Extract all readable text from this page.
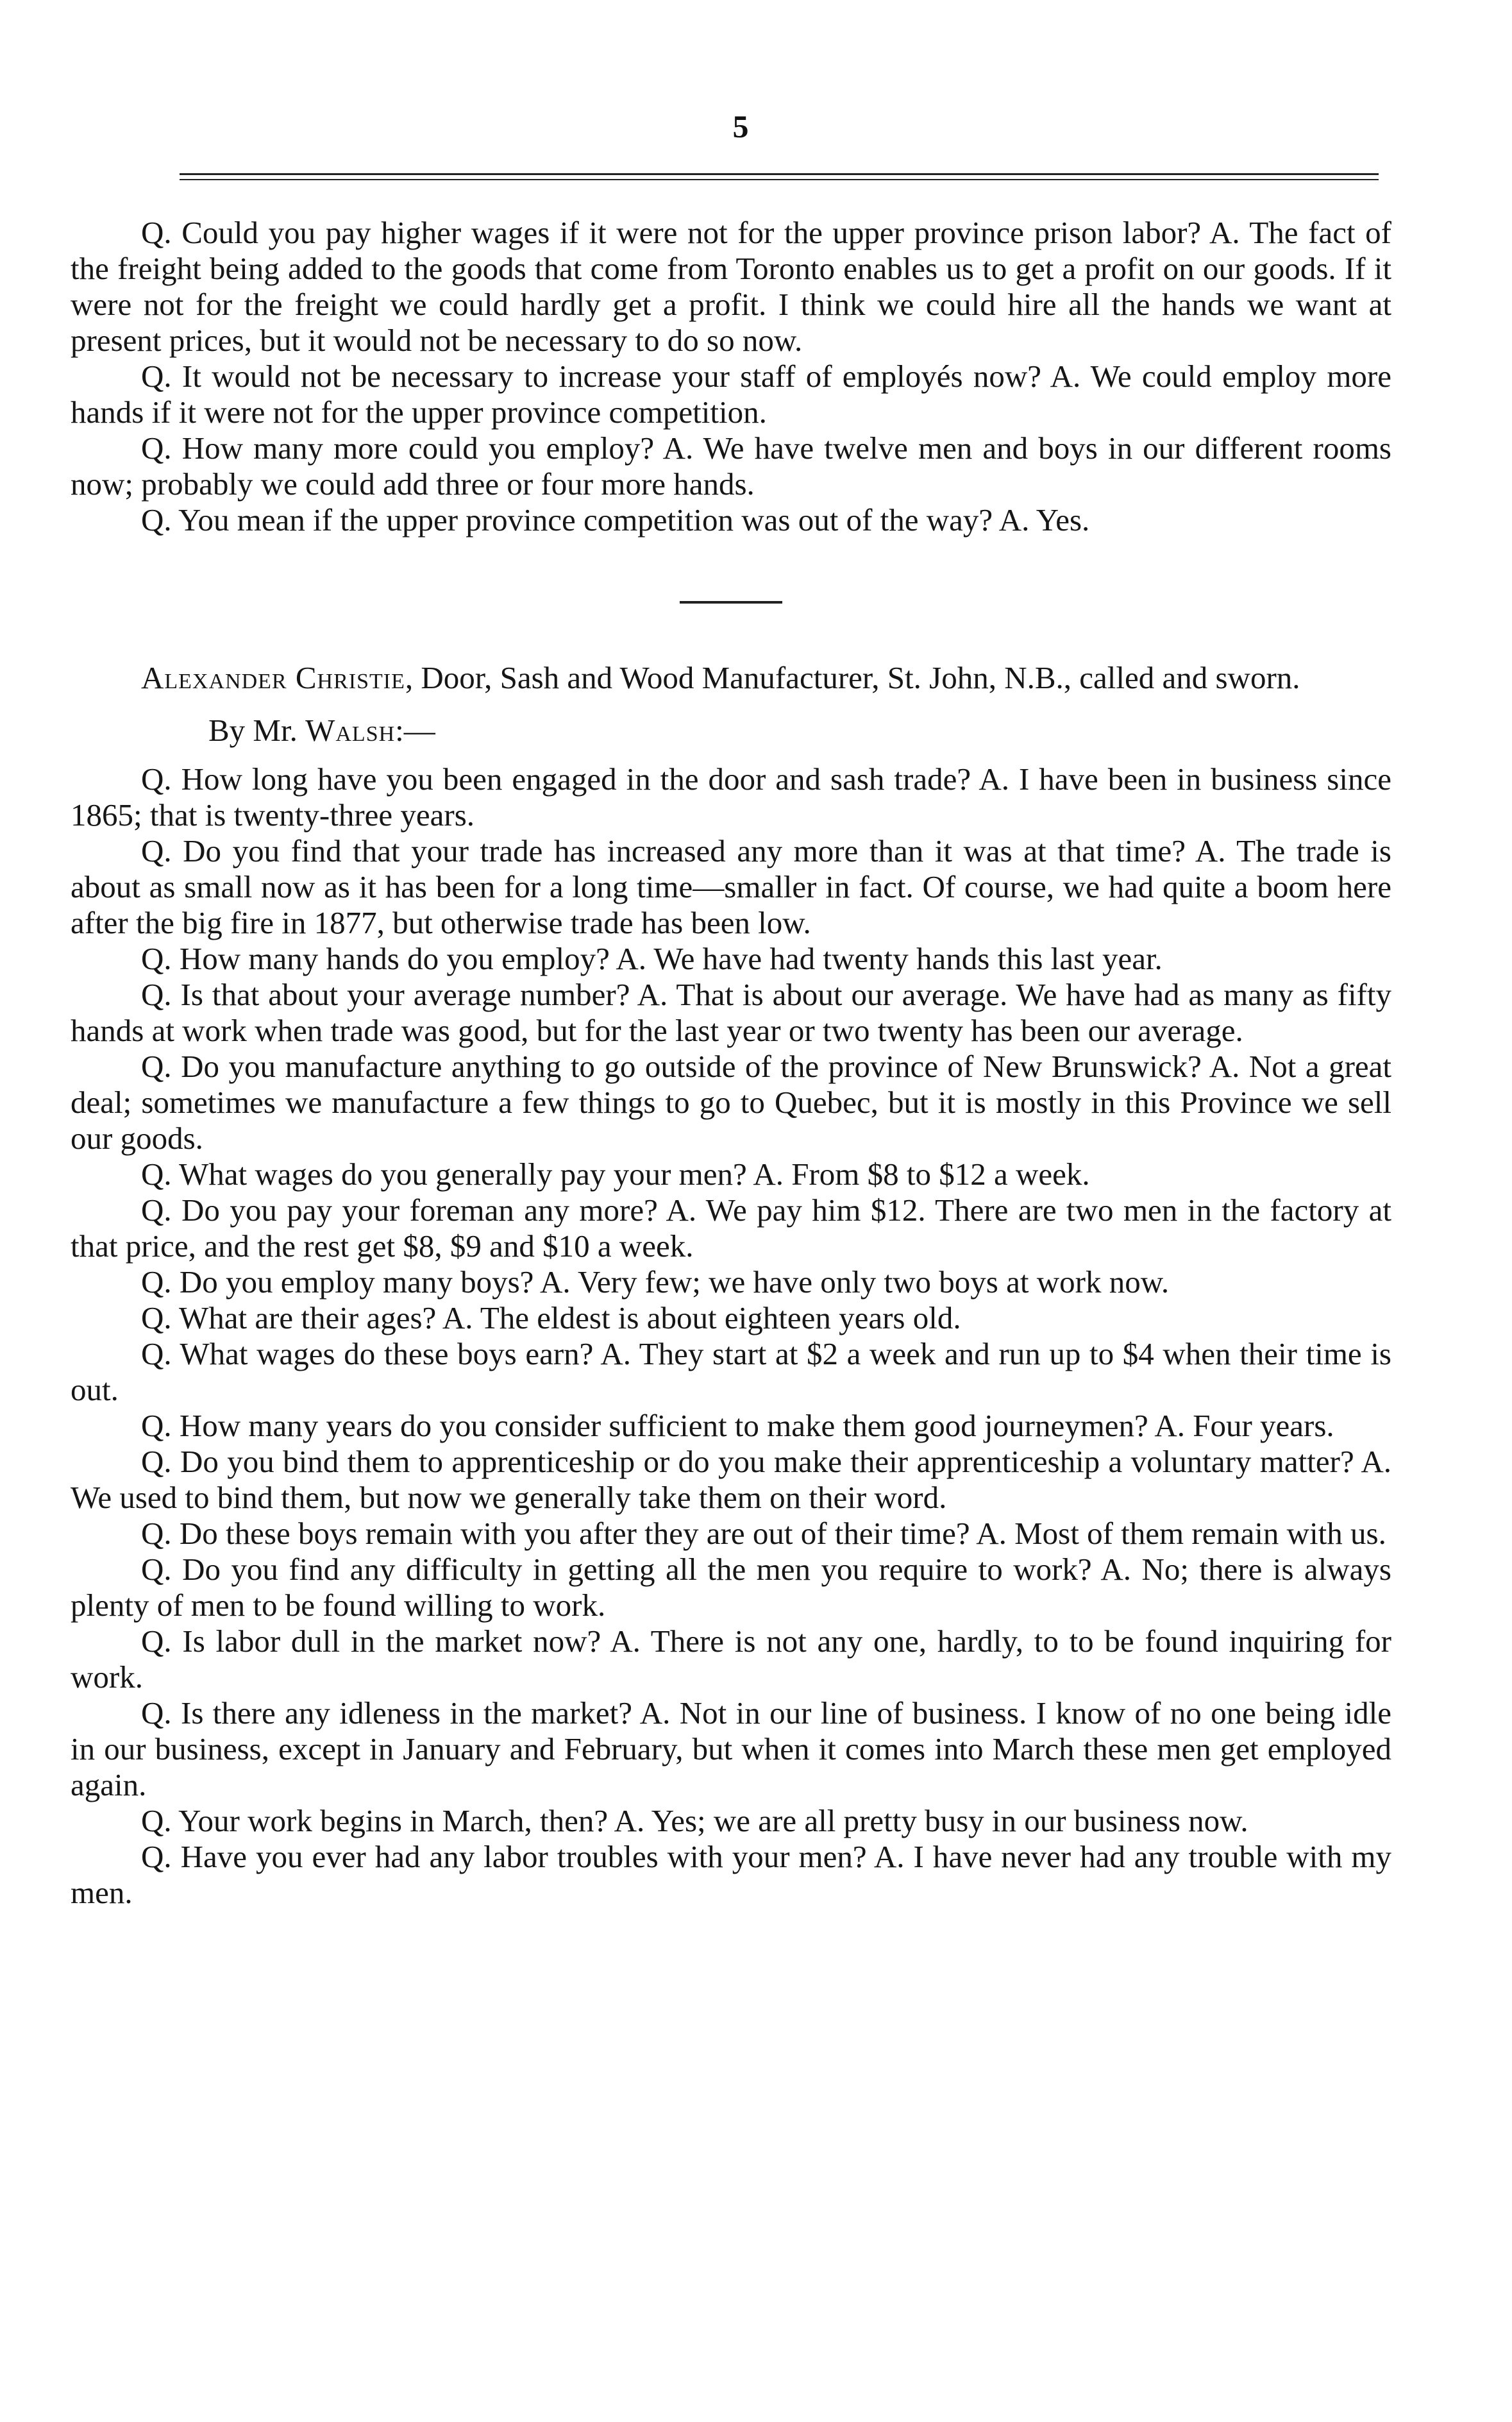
5

Q. Could you pay higher wages if it were not for the upper province prison labor? A. The fact of the freight being added to the goods that come from Toronto enables us to get a profit on our goods. If it were not for the freight we could hardly get a profit. I think we could hire all the hands we want at present prices, but it would not be necessary to do so now.

Q. It would not be necessary to increase your staff of employés now? A. We could employ more hands if it were not for the upper province competition.

Q. How many more could you employ? A. We have twelve men and boys in our different rooms now; probably we could add three or four more hands.

Q. You mean if the upper province competition was out of the way? A. Yes.

Alexander Christie, Door, Sash and Wood Manufacturer, St. John, N.B., called and sworn.

By Mr. Walsh:—

Q. How long have you been engaged in the door and sash trade? A. I have been in business since 1865; that is twenty-three years.

Q. Do you find that your trade has increased any more than it was at that time? A. The trade is about as small now as it has been for a long time—smaller in fact. Of course, we had quite a boom here after the big fire in 1877, but otherwise trade has been low.

Q. How many hands do you employ? A. We have had twenty hands this last year.

Q. Is that about your average number? A. That is about our average. We have had as many as fifty hands at work when trade was good, but for the last year or two twenty has been our average.

Q. Do you manufacture anything to go outside of the province of New Brunswick? A. Not a great deal; sometimes we manufacture a few things to go to Quebec, but it is mostly in this Province we sell our goods.

Q. What wages do you generally pay your men? A. From $8 to $12 a week.

Q. Do you pay your foreman any more? A. We pay him $12. There are two men in the factory at that price, and the rest get $8, $9 and $10 a week.

Q. Do you employ many boys? A. Very few; we have only two boys at work now.

Q. What are their ages? A. The eldest is about eighteen years old.

Q. What wages do these boys earn? A. They start at $2 a week and run up to $4 when their time is out.

Q. How many years do you consider sufficient to make them good journeymen? A. Four years.

Q. Do you bind them to apprenticeship or do you make their apprenticeship a voluntary matter? A. We used to bind them, but now we generally take them on their word.

Q. Do these boys remain with you after they are out of their time? A. Most of them remain with us.

Q. Do you find any difficulty in getting all the men you require to work? A. No; there is always plenty of men to be found willing to work.

Q. Is labor dull in the market now? A. There is not any one, hardly, to to be found inquiring for work.

Q. Is there any idleness in the market? A. Not in our line of business. I know of no one being idle in our business, except in January and February, but when it comes into March these men get employed again.

Q. Your work begins in March, then? A. Yes; we are all pretty busy in our business now.

Q. Have you ever had any labor troubles with your men? A. I have never had any trouble with my men.
